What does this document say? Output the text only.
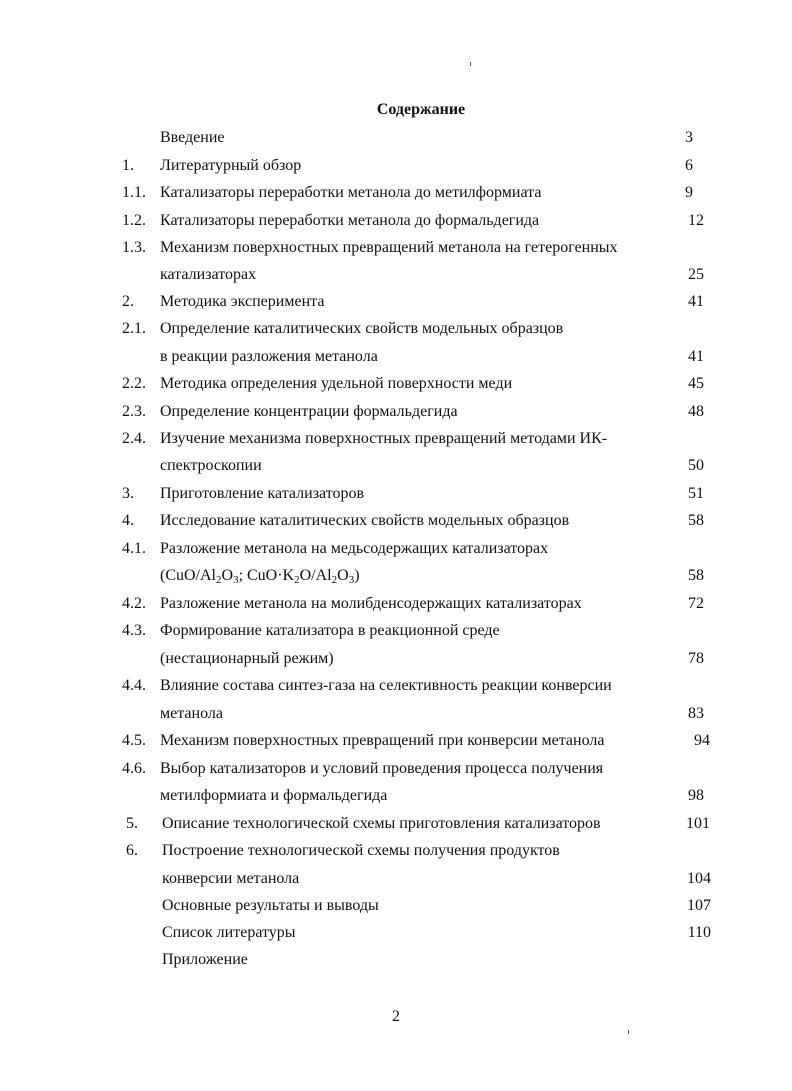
Содержание
Введение	3
1. Литературный обзор	6
1.1. Катализаторы переработки метанола до метилформиата	9
1.2. Катализаторы переработки метанола до формальдегида	12
1.3. Механизм поверхностных превращений метанола на гетерогенных
катализаторах	25
2. Методика эксперимента	41
2.1. Определение каталитических свойств модельных образцов
в реакции разложения метанола	41
2.2. Методика определения удельной поверхности меди	45
2.3. Определение концентрации формальдегида	48
2.4. Изучение механизма поверхностных превращений методами ИК-
спектроскопии	50
3. Приготовление катализаторов	51
4. Исследование каталитических свойств модельных образцов	58
4.1. Разложение метанола на медьсодержащих катализаторах
($CuO/Al_2O_3$; $CuO\cdot K_2O/Al_2O_3$)	58
4.2. Разложение метанола на молибденсодержащих катализаторах	72
4.3. Формирование катализатора в реакционной среде
(нестационарный режим)	78
4.4. Влияние состава синтез-газа на селективность реакции конверсии
метанола	83
4.5. Механизм поверхностных превращений при конверсии метанола	94
4.6. Выбор катализаторов и условий проведения процесса получения
метилформиата и формальдегида	98
5. Описание технологической схемы приготовления катализаторов	101
6. Построение технологической схемы получения продуктов
конверсии метанола	104
Основные результаты и выводы	107
Список литературы	110
Приложение
2
